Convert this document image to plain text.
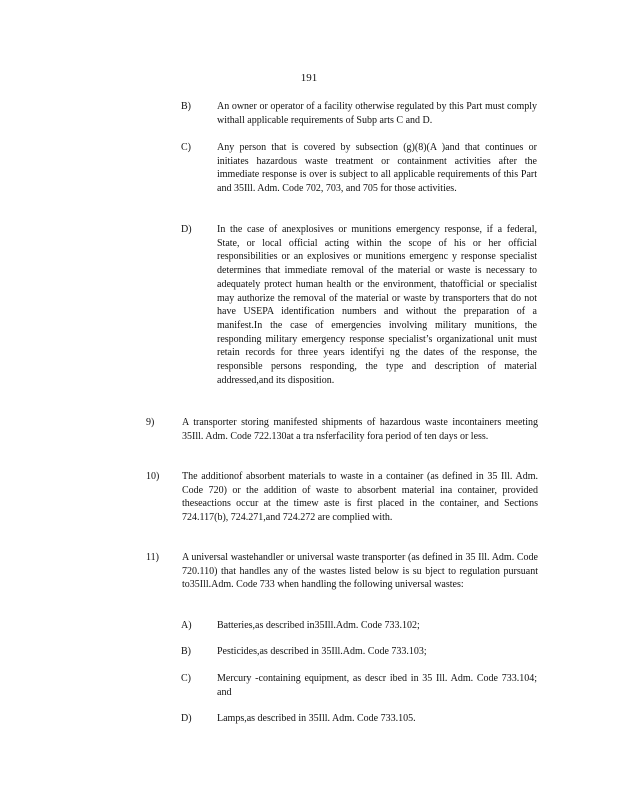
191
B)	An owner or operator of a facility otherwise regulated by this Part must comply withall applicable requirements of Subp arts C and D.
C)	Any person that is covered by subsection (g)(8)(A )and that continues or initiates hazardous waste treatment or containment activities after the immediate response is over is subject to all applicable requirements of this Part and 35Ill. Adm. Code 702, 703, and 705 for those activities.
D)	In the case of anexplosives or munitions emergency response, if a federal, State, or local official acting within the scope of his or her official responsibilities or an explosives or munitions emergenc y response specialist determines that immediate removal of the material or waste is necessary to adequately protect human health or the environment, thatofficial or specialist may authorize the removal of the material or waste by transporters that do not have USEPA identification numbers and without the preparation of a manifest.In the case of emergencies involving military munitions, the responding military emergency response specialist’s organizational unit must retain records for three years identifyi ng the dates of the response, the responsible persons responding, the type and description of material addressed,and its disposition.
9)	A transporter storing manifested shipments of hazardous waste incontainers meeting 35Ill. Adm. Code 722.130at a tra nsferfacility fora period of ten days or less.
10) The additionof absorbent materials to waste in a container (as defined in 35 Ill. Adm. Code 720) or the addition of waste to absorbent material ina container, provided theseactions occur at the timew aste is first placed in the container, and Sections 724.117(b), 724.271,and 724.272 are complied with.
11) A universal wastehandler or universal waste transporter (as defined in 35 Ill. Adm. Code 720.110) that handles any of the wastes listed below is su bject to regulation pursuant to35Ill.Adm. Code 733 when handling the following universal wastes:
A)	Batteries,as described in35Ill.Adm. Code 733.102;
B)	Pesticides,as described in 35Ill.Adm. Code 733.103;
C)	Mercury -containing equipment, as descr ibed in 35 Ill. Adm. Code 733.104; and
D)	Lamps,as described in 35Ill. Adm. Code 733.105.
